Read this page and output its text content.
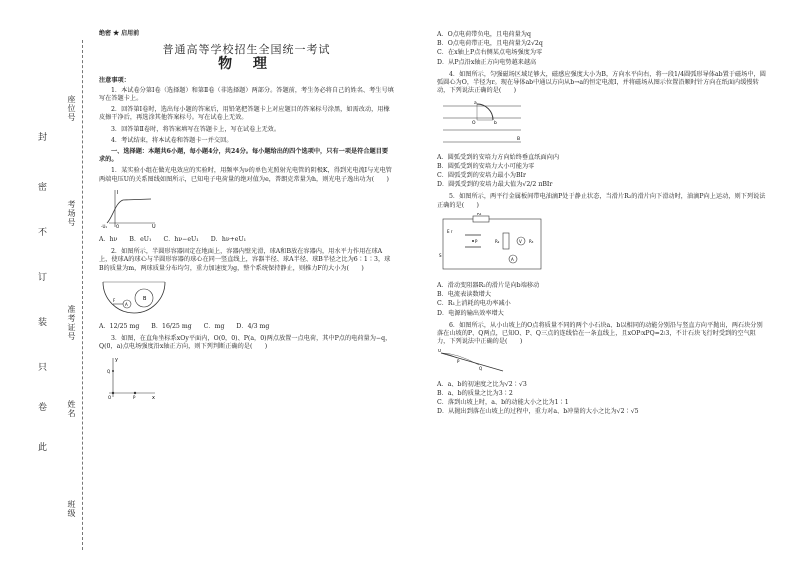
座位号
考场号
准考证号
姓名
班级
封
密
不
订
装
只
卷
此
绝密 ★ 启用前
普通高等学校招生全国统一考试
物 理
注意事项：

1．本试卷分第Ⅰ卷（选择题）和第Ⅱ卷（非选择题）两部分。答题前，考生务必将自己的姓名、考生号填写在答题卡上。

2．回答第Ⅰ卷时，选出每小题的答案后，用铅笔把答题卡上对应题目的答案标号涂黑，如需改动，用橡皮擦干净后，再选涂其他答案标号。写在试卷上无效。

3．回答第Ⅱ卷时，将答案填写在答题卡上，写在试卷上无效。

4．考试结束，将本试卷和答题卡一并交回。

一、选择题：本题共6小题，每小题4分，共24分。每小题给出的四个选项中，只有一项是符合题目要求的。

1．某实验小组在做光电效应的实验时，用频率为ν的单色光照射光电管的阴极K，得到光电流I与光电管两端电压U的关系图线如图所示，已知电子电荷量的绝对值为e，普朗克常量为h，则光电子逸出功为(　　)

I
U
O
-U₁
A．hν B．eU₁ C．hν−eU₁ D．hν+eU₁

2．如图所示，半圆形容器固定在地面上，容器内壁光滑，球A和B放在容器内，用水平力作用在球A上，使球A的球心与半圆形容器的球心在同一竖直线上，容器半径、球A半径、球B半径之比为6∶1∶3，球B的质量为m，两球质量分布均匀，重力加速度为g，整个系统保持静止，则推力F的大小为(　　)

A
B
F
A．12/25 mg B．16/25 mg C．mg D．4/3 mg

3．如图，在直角坐标系xOy平面内，O(0，0)、P(a，0)两点放置一点电荷，其中P点的电荷量为−q，Q(0，a)点电场强度沿x轴正方向，则下列判断正确的是(　　)

y
x
O	P
Q
A．O点电荷带负电，且电荷量为q
B．O点电荷带正电，且电荷量为2√2q
C．在x轴上P点右侧某点电场强度为零
D．从P点沿x轴正方向电势越来越高

4．如图所示，匀强磁场区域足够大，磁感应强度大小为B，方向水平向右，将一段1/4圆弧形导体ab置于磁场中，圆弧圆心为O，半径为r。现在导体ab中通以方向从b→a的恒定电流I，并将磁场从图示位置沿顺时针方向在纸面内缓慢转动，下列说法正确的是(　　)

O
a
b
B
A．圆弧受到的安培力方向始终垂直纸面向内
B．圆弧受到的安培力大小可能为零
C．圆弧受到的安培力最小为BIr
D．圆弧受到的安培力最大值为√2/2 πBIr

5．如图所示，两平行金属板间带电油滴P处于静止状态，当滑片R₂的滑片向下滑动时，油滴P向上运动，则下列说法正确的是(　　)

R₁
R₂	R₃
P
A
V
S
E r
A．滑动变阻器R₂的滑片是向b端移动
B．电流表读数增大
C．R₁上消耗的电功率减小
D．电源的输出效率增大

6．如图所示，从小山坡上的O点将质量不同的两个小石块a、b以相同的动能分别沿与竖直方向平抛出，两石块分别落在山坡的P、Q两点，已知O、P、Q三点的连线恰在一条直线上，且xOP∶xPQ=2∶3，不计石块飞行时受到的空气阻力，下列说法中正确的是(　　)

O
P
Q
A．a、b的初速度之比为√2∶√3
B．a、b的质量之比为3∶2
C．落到山坡上时，a、b的动能大小之比为1∶1
D．从抛出到落在山坡上的过程中，重力对a、b冲量的大小之比为√2∶√5
